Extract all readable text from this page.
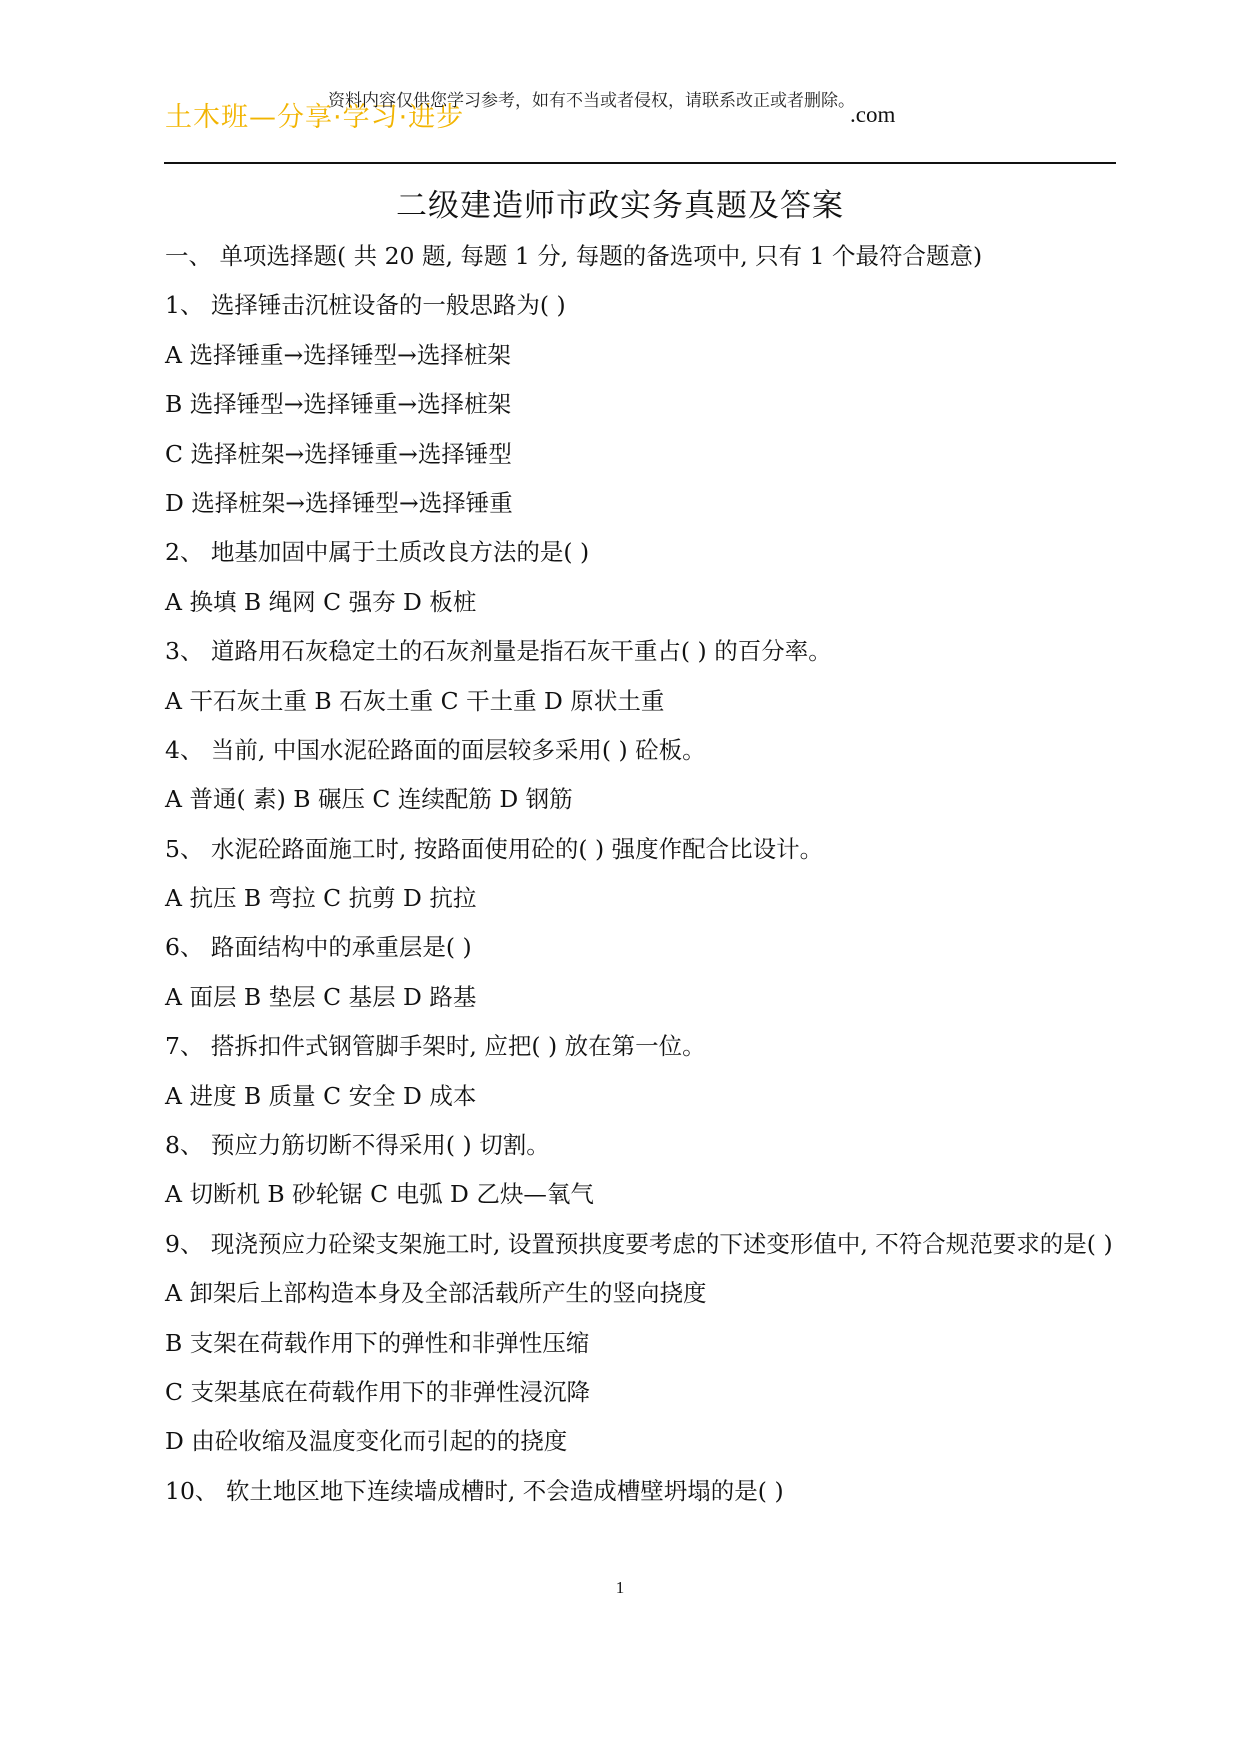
土木班—分享·学习·进步
资料内容仅供您学习参考，如有不当或者侵权，请联系改正或者删除。
.com
二级建造师市政实务真题及答案
一、 单项选择题( 共 20 题, 每题 1 分, 每题的备选项中, 只有 1 个最符合题意)
1、 选择锤击沉桩设备的一般思路为( )
A 选择锤重→选择锤型→选择桩架
B 选择锤型→选择锤重→选择桩架
C 选择桩架→选择锤重→选择锤型
D 选择桩架→选择锤型→选择锤重
2、 地基加固中属于土质改良方法的是( )
A 换填 B 绳网 C 强夯 D 板桩
3、 道路用石灰稳定土的石灰剂量是指石灰干重占( ) 的百分率。
A 干石灰土重 B 石灰土重 C 干土重 D 原状土重
4、 当前, 中国水泥砼路面的面层较多采用( ) 砼板。
A 普通( 素) B 碾压 C 连续配筋 D 钢筋
5、 水泥砼路面施工时, 按路面使用砼的( ) 强度作配合比设计。
A 抗压 B 弯拉 C 抗剪 D 抗拉
6、 路面结构中的承重层是( )
A 面层 B 垫层 C 基层 D 路基
7、 搭拆扣件式钢管脚手架时, 应把( ) 放在第一位。
A 进度 B 质量 C 安全 D 成本
8、 预应力筋切断不得采用( ) 切割。
A 切断机 B 砂轮锯 C 电弧 D 乙炔—氧气
9、 现浇预应力砼梁支架施工时, 设置预拱度要考虑的下述变形值中, 不符合规范要求的是( )
A 卸架后上部构造本身及全部活载所产生的竖向挠度
B 支架在荷载作用下的弹性和非弹性压缩
C 支架基底在荷载作用下的非弹性浸沉降
D 由砼收缩及温度变化而引起的的挠度
10、 软土地区地下连续墙成槽时, 不会造成槽壁坍塌的是( )
1
